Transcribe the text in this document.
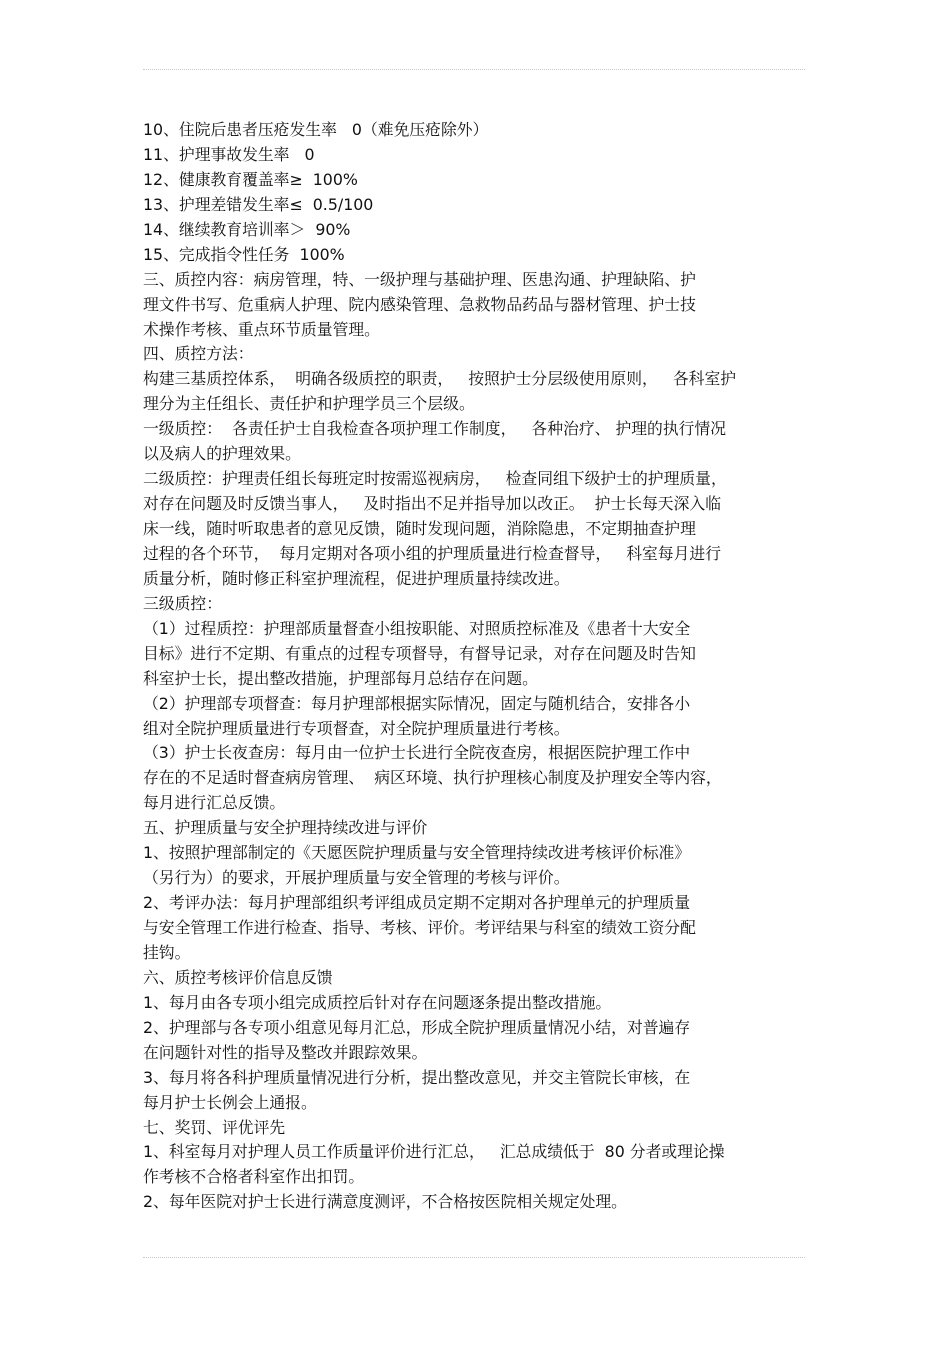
10、住院后患者压疮发生率   0（难免压疮除外）
11、护理事故发生率   0
12、健康教育覆盖率≥  100%
13、护理差错发生率≤  0.5/100
14、继续教育培训率＞  90%
15、完成指令性任务  100%
三、质控内容：病房管理，特、一级护理与基础护理、医患沟通、护理缺陷、护
理文件书写、危重病人护理、院内感染管理、急救物品药品与器材管理、护士技
术操作考核、重点环节质量管理。
四、质控方法：
构建三基质控体系，  明确各级质控的职责，   按照护士分层级使用原则，   各科室护
理分为主任组长、责任护和护理学员三个层级。
一级质控：  各责任护士自我检查各项护理工作制度，   各种治疗、 护理的执行情况
以及病人的护理效果。
二级质控：护理责任组长每班定时按需巡视病房，   检查同组下级护士的护理质量，
对存在问题及时反馈当事人，   及时指出不足并指导加以改正。  护士长每天深入临
床一线，随时听取患者的意见反馈，随时发现问题，消除隐患，不定期抽查护理
过程的各个环节，  每月定期对各项小组的护理质量进行检查督导，   科室每月进行
质量分析，随时修正科室护理流程，促进护理质量持续改进。
三级质控：
（1）过程质控：护理部质量督查小组按职能、对照质控标准及《患者十大安全
目标》进行不定期、有重点的过程专项督导，有督导记录，对存在问题及时告知
科室护士长，提出整改措施，护理部每月总结存在问题。
（2）护理部专项督查：每月护理部根据实际情况，固定与随机结合，安排各小
组对全院护理质量进行专项督查，对全院护理质量进行考核。
（3）护士长夜查房：每月由一位护士长进行全院夜查房，根据医院护理工作中
存在的不足适时督查病房管理、  病区环境、执行护理核心制度及护理安全等内容，
每月进行汇总反馈。
五、护理质量与安全护理持续改进与评价
1、按照护理部制定的《天愿医院护理质量与安全管理持续改进考核评价标准》
（另行为）的要求，开展护理质量与安全管理的考核与评价。
2、考评办法：每月护理部组织考评组成员定期不定期对各护理单元的护理质量
与安全管理工作进行检查、指导、考核、评价。考评结果与科室的绩效工资分配
挂钩。
六、质控考核评价信息反馈
1、每月由各专项小组完成质控后针对存在问题逐条提出整改措施。
2、护理部与各专项小组意见每月汇总，形成全院护理质量情况小结，对普遍存
在问题针对性的指导及整改并跟踪效果。
3、每月将各科护理质量情况进行分析，提出整改意见，并交主管院长审核，在
每月护士长例会上通报。
七、奖罚、评优评先
1、科室每月对护理人员工作质量评价进行汇总，   汇总成绩低于  80 分者或理论操
作考核不合格者科室作出扣罚。
2、每年医院对护士长进行满意度测评，不合格按医院相关规定处理。
